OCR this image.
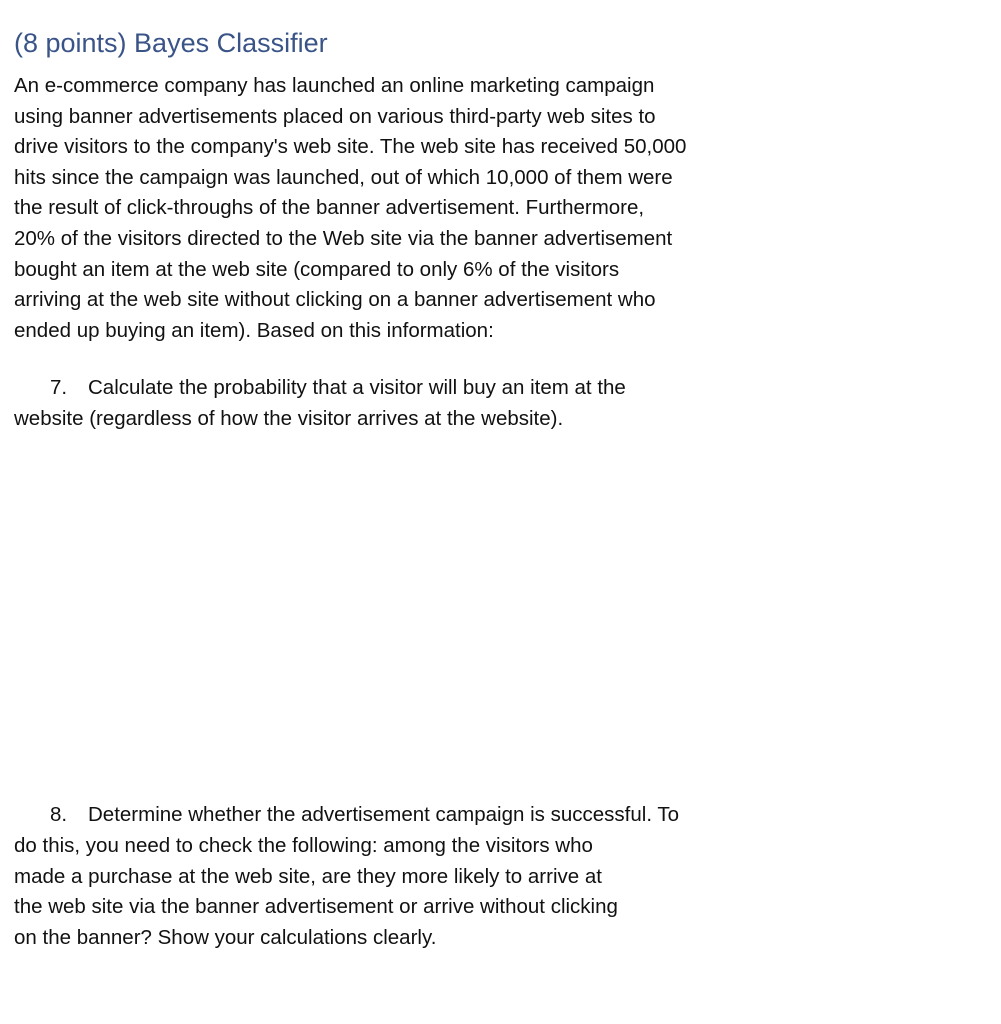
(8 points) Bayes Classifier

An e-commerce company has launched an online marketing campaign
using banner advertisements placed on various third-party web sites to
drive visitors to the company's web site. The web site has received 50,000
hits since the campaign was launched, out of which 10,000 of them were
the result of click-throughs of the banner advertisement. Furthermore,
20% of the visitors directed to the Web site via the banner advertisement
bought an item at the web site (compared to only 6% of the visitors
arriving at the web site without clicking on a banner advertisement who
ended up buying an item). Based on this information:

7. Calculate the probability that a visitor will buy an item at the
website (regardless of how the visitor arrives at the website).
8. Determine whether the advertisement campaign is successful. To
do this, you need to check the following: among the visitors who
made a purchase at the web site, are they more likely to arrive at
the web site via the banner advertisement or arrive without clicking
on the banner? Show your calculations clearly.
